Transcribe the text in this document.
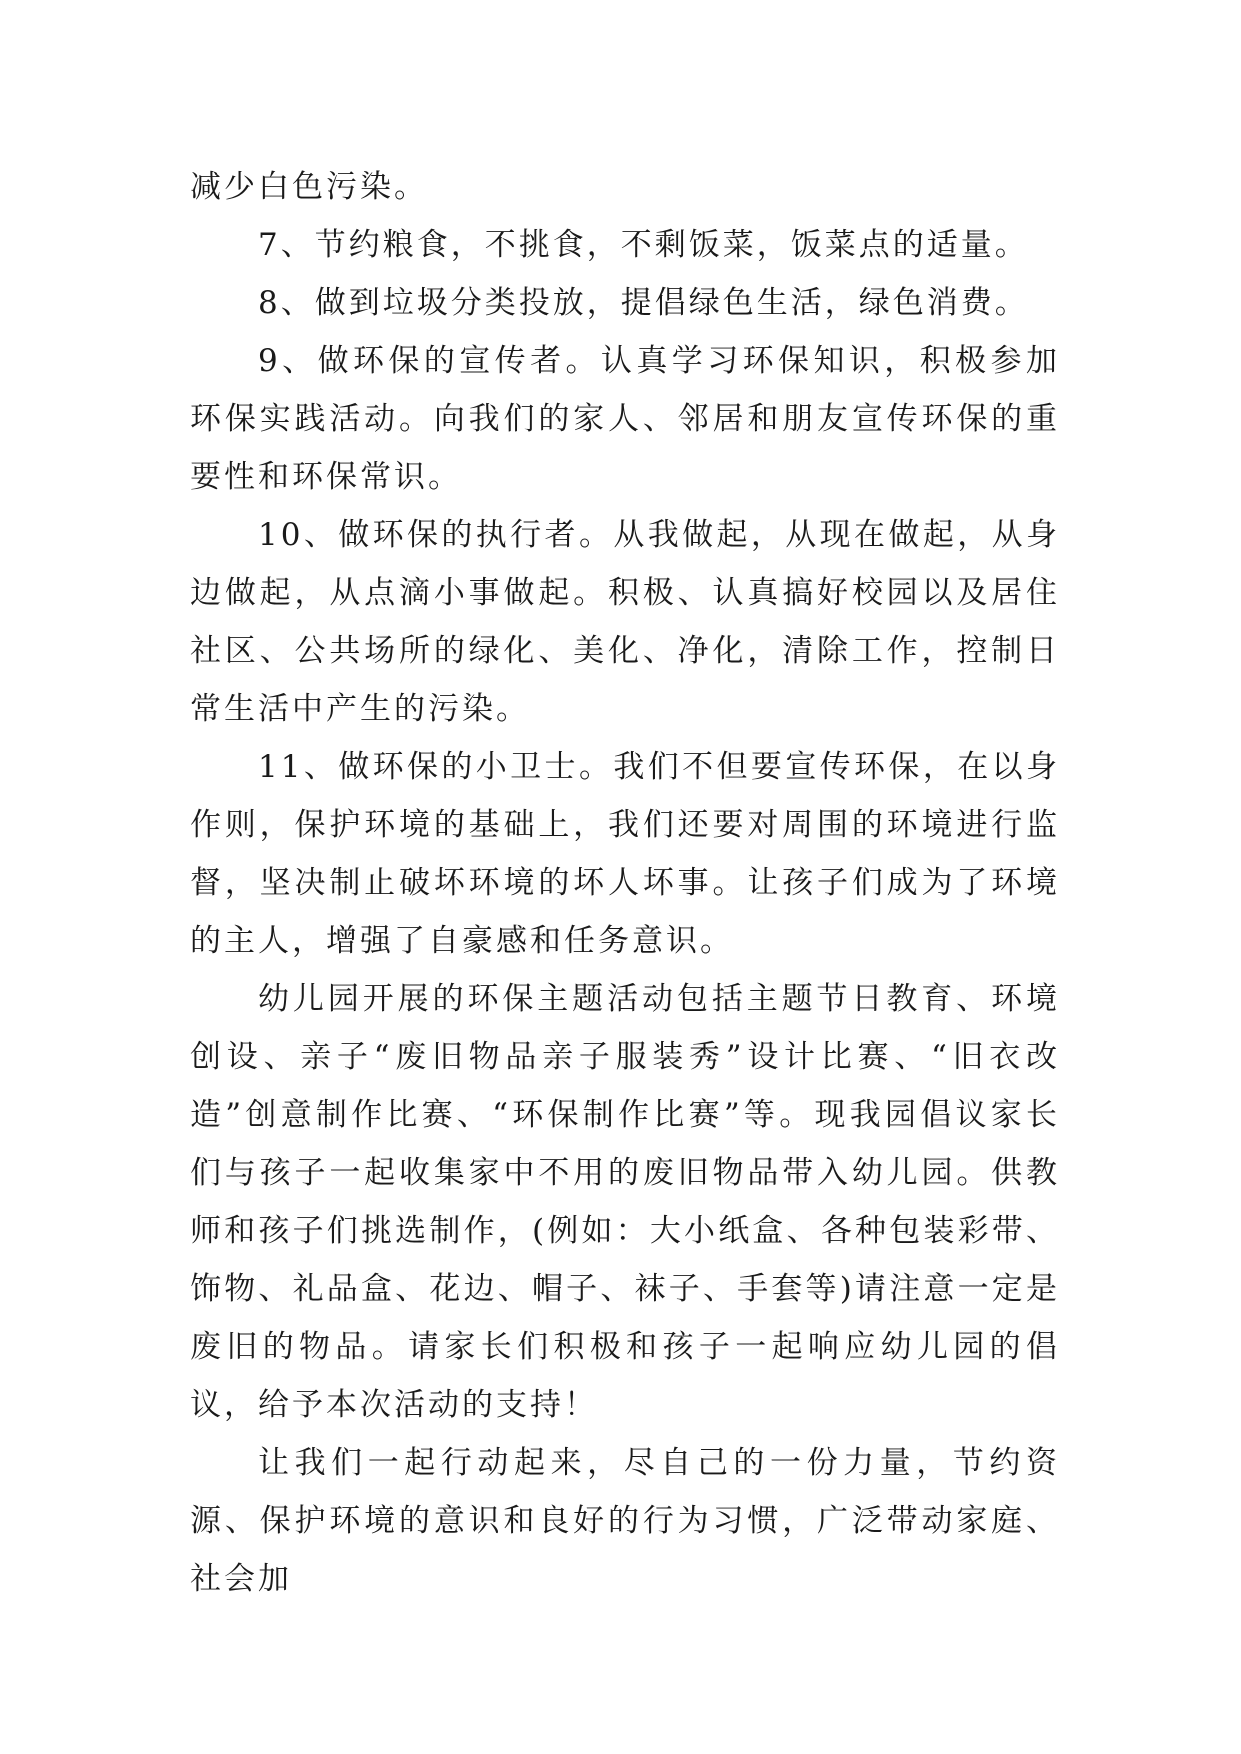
减少白色污染。

7、节约粮食，不挑食，不剩饭菜，饭菜点的适量。

8、做到垃圾分类投放，提倡绿色生活，绿色消费。

9、做环保的宣传者。认真学习环保知识，积极参加环保实践活动。向我们的家人、邻居和朋友宣传环保的重要性和环保常识。

10、做环保的执行者。从我做起，从现在做起，从身边做起，从点滴小事做起。积极、认真搞好校园以及居住社区、公共场所的绿化、美化、净化，清除工作，控制日常生活中产生的污染。

11、做环保的小卫士。我们不但要宣传环保，在以身作则，保护环境的基础上，我们还要对周围的环境进行监督，坚决制止破坏环境的坏人坏事。让孩子们成为了环境的主人，增强了自豪感和任务意识。

幼儿园开展的环保主题活动包括主题节日教育、环境创设、亲子“废旧物品亲子服装秀”设计比赛、“旧衣改造”创意制作比赛、“环保制作比赛”等。现我园倡议家长们与孩子一起收集家中不用的废旧物品带入幼儿园。供教师和孩子们挑选制作，(例如：大小纸盒、各种包装彩带、饰物、礼品盒、花边、帽子、袜子、手套等)请注意一定是废旧的物品。请家长们积极和孩子一起响应幼儿园的倡议，给予本次活动的支持！

让我们一起行动起来，尽自己的一份力量，节约资源、保护环境的意识和良好的行为习惯，广泛带动家庭、社会加
